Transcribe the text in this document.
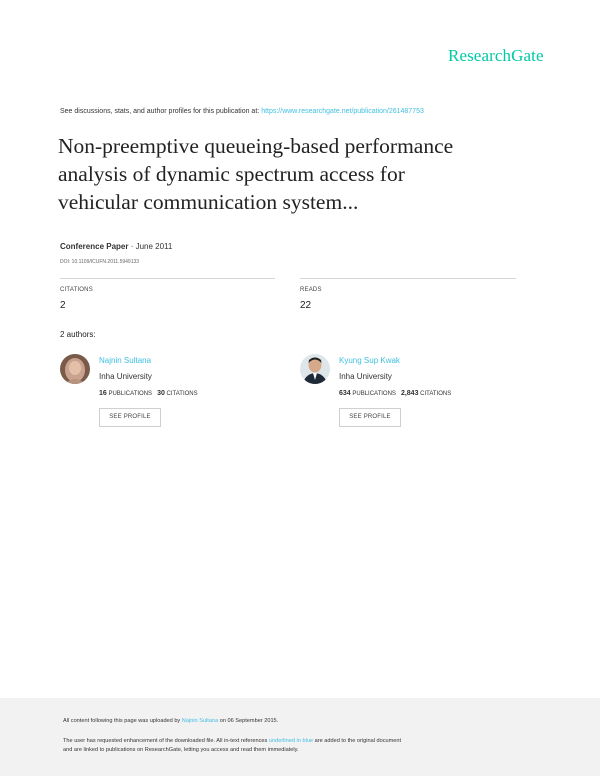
ResearchGate
See discussions, stats, and author profiles for this publication at: https://www.researchgate.net/publication/261487753
Non-preemptive queueing-based performance
analysis of dynamic spectrum access for
vehicular communication system...
Conference Paper · June 2011
DOI: 10.1109/ICUFN.2011.5949133
CITATIONS
2
READS
22
2 authors:
Najnin Sultana
Inha University
16 PUBLICATIONS 30 CITATIONS
SEE PROFILE
Kyung Sup Kwak
Inha University
634 PUBLICATIONS 2,843 CITATIONS
SEE PROFILE

All content following this page was uploaded by Najnin Sultana on 06 September 2015.

The user has requested enhancement of the downloaded file. All in-text references underlined in blue are added to the original document
and are linked to publications on ResearchGate, letting you access and read them immediately.
